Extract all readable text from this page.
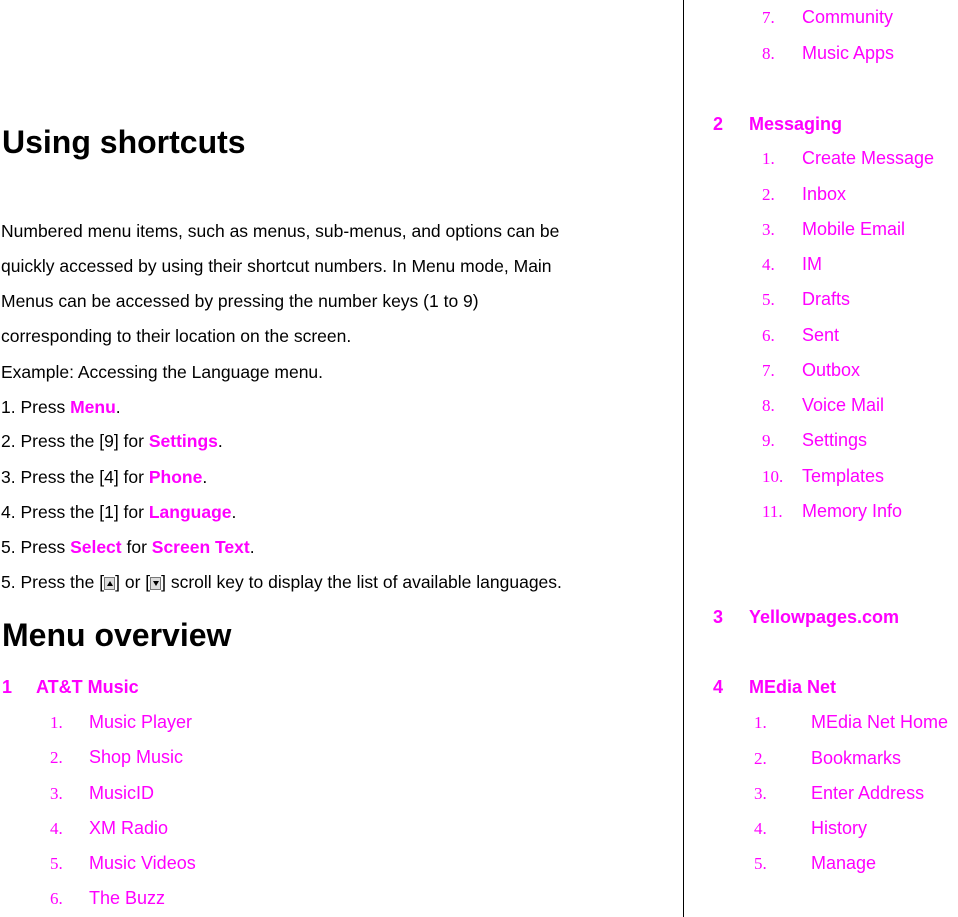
Using shortcuts
Numbered menu items, such as menus, sub-menus, and options can be
quickly accessed by using their shortcut numbers. In Menu mode, Main
Menus can be accessed by pressing the number keys (1 to 9)
corresponding to their location on the screen.
Example: Accessing the Language menu.
1. Press Menu.
2. Press the [9] for Settings.
3. Press the [4] for Phone.
4. Press the [1] for Language.
5. Press Select for Screen Text.
5. Press the [ ] or [ ] scroll key to display the list of available languages.
Menu overview
1 AT&T Music
1. Music Player
2. Shop Music
3. MusicID
4. XM Radio
5. Music Videos
6. The Buzz
7. Community
8. Music Apps
2 Messaging
1. Create Message
2. Inbox
3. Mobile Email
4. IM
5. Drafts
6. Sent
7. Outbox
8. Voice Mail
9. Settings
10. Templates
11. Memory Info
3 Yellowpages.com
4 MEdia Net
1. MEdia Net Home
2. Bookmarks
3. Enter Address
4. History
5. Manage
